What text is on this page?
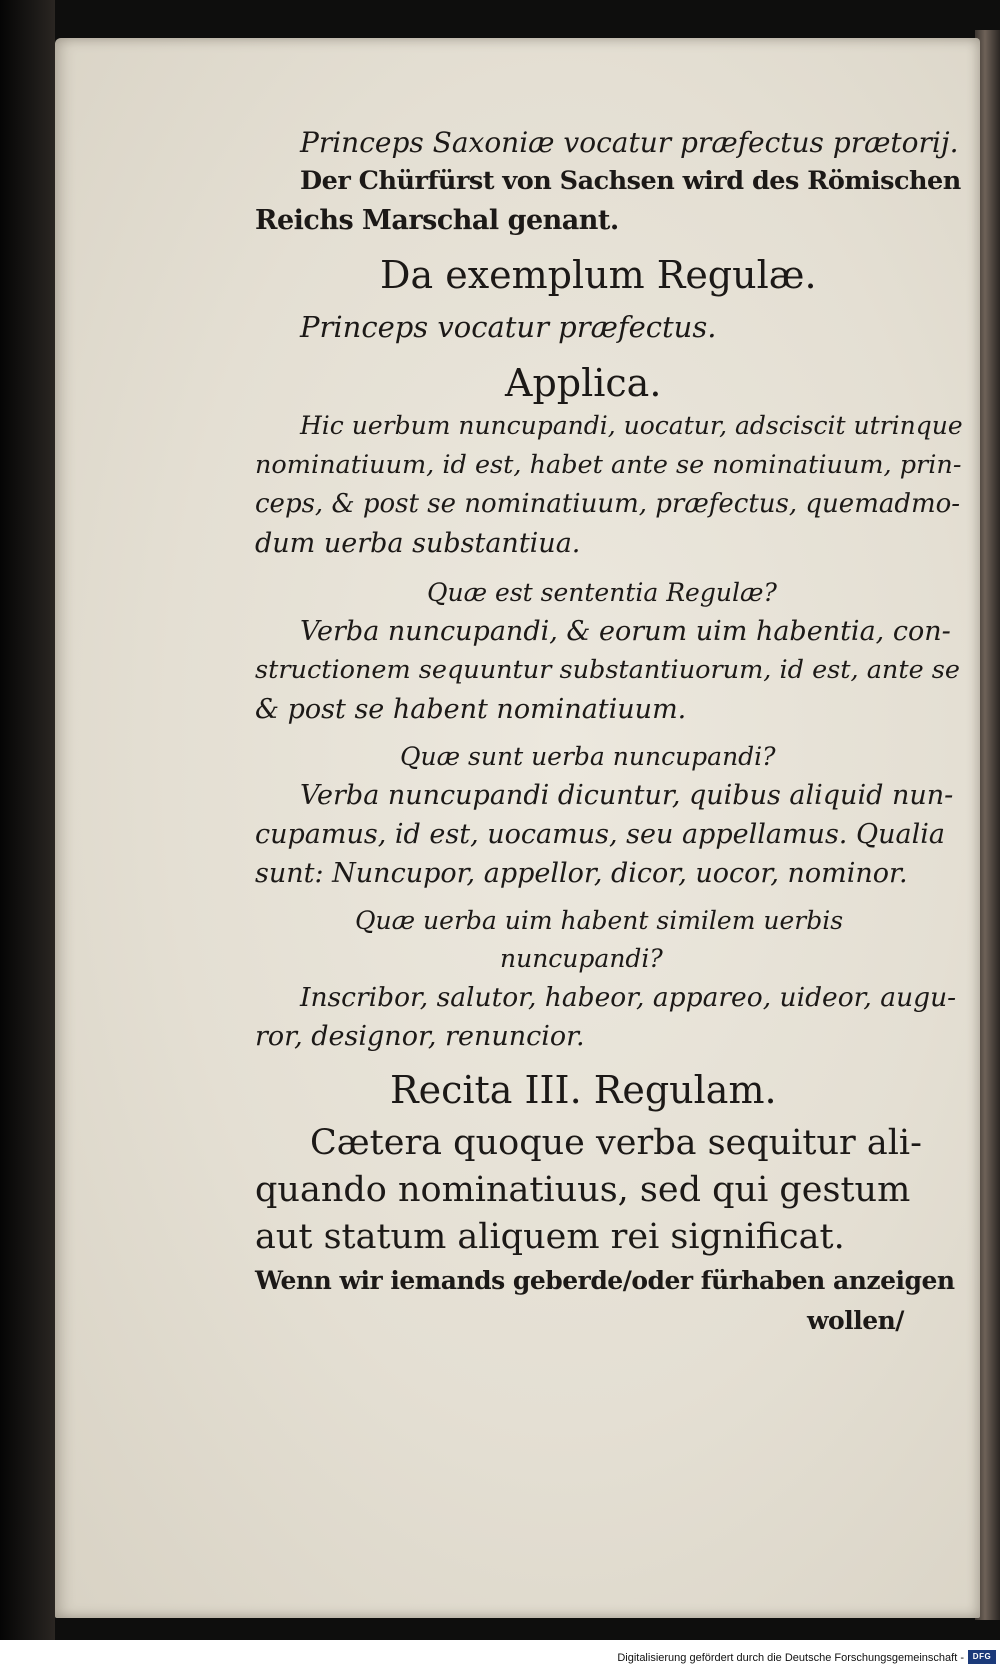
Princeps Saxoniæ vocatur præfectus prætorij.
Der Chürfürst von Sachsen wird des Römischen
Reichs Marschal genant.
Da exemplum Regulæ.
Princeps vocatur præfectus.
Applica.
Hic uerbum nuncupandi, uocatur, adsciscit utrinque
nominatiuum, id est, habet ante se nominatiuum, prin-
ceps, & post se nominatiuum, præfectus, quemadmo-
dum uerba substantiua.
Quæ est sententia Regulæ?
Verba nuncupandi, & eorum uim habentia, con-
structionem sequuntur substantiuorum, id est, ante se
& post se habent nominatiuum.
Quæ sunt uerba nuncupandi?
Verba nuncupandi dicuntur, quibus aliquid nun-
cupamus, id est, uocamus, seu appellamus. Qualia
sunt: Nuncupor, appellor, dicor, uocor, nominor.
Quæ uerba uim habent similem uerbis
nuncupandi?
Inscribor, salutor, habeor, appareo, uideor, augu-
ror, designor, renuncior.
Recita III. Regulam.
Cætera quoque verba sequitur ali-
quando nominatiuus, sed qui gestum
aut statum aliquem rei significat.
Wenn wir iemands geberde/oder fürhaben anzeigen
wollen/
Digitalisierung gefördert durch die Deutsche Forschungsgemeinschaft -	DFG
